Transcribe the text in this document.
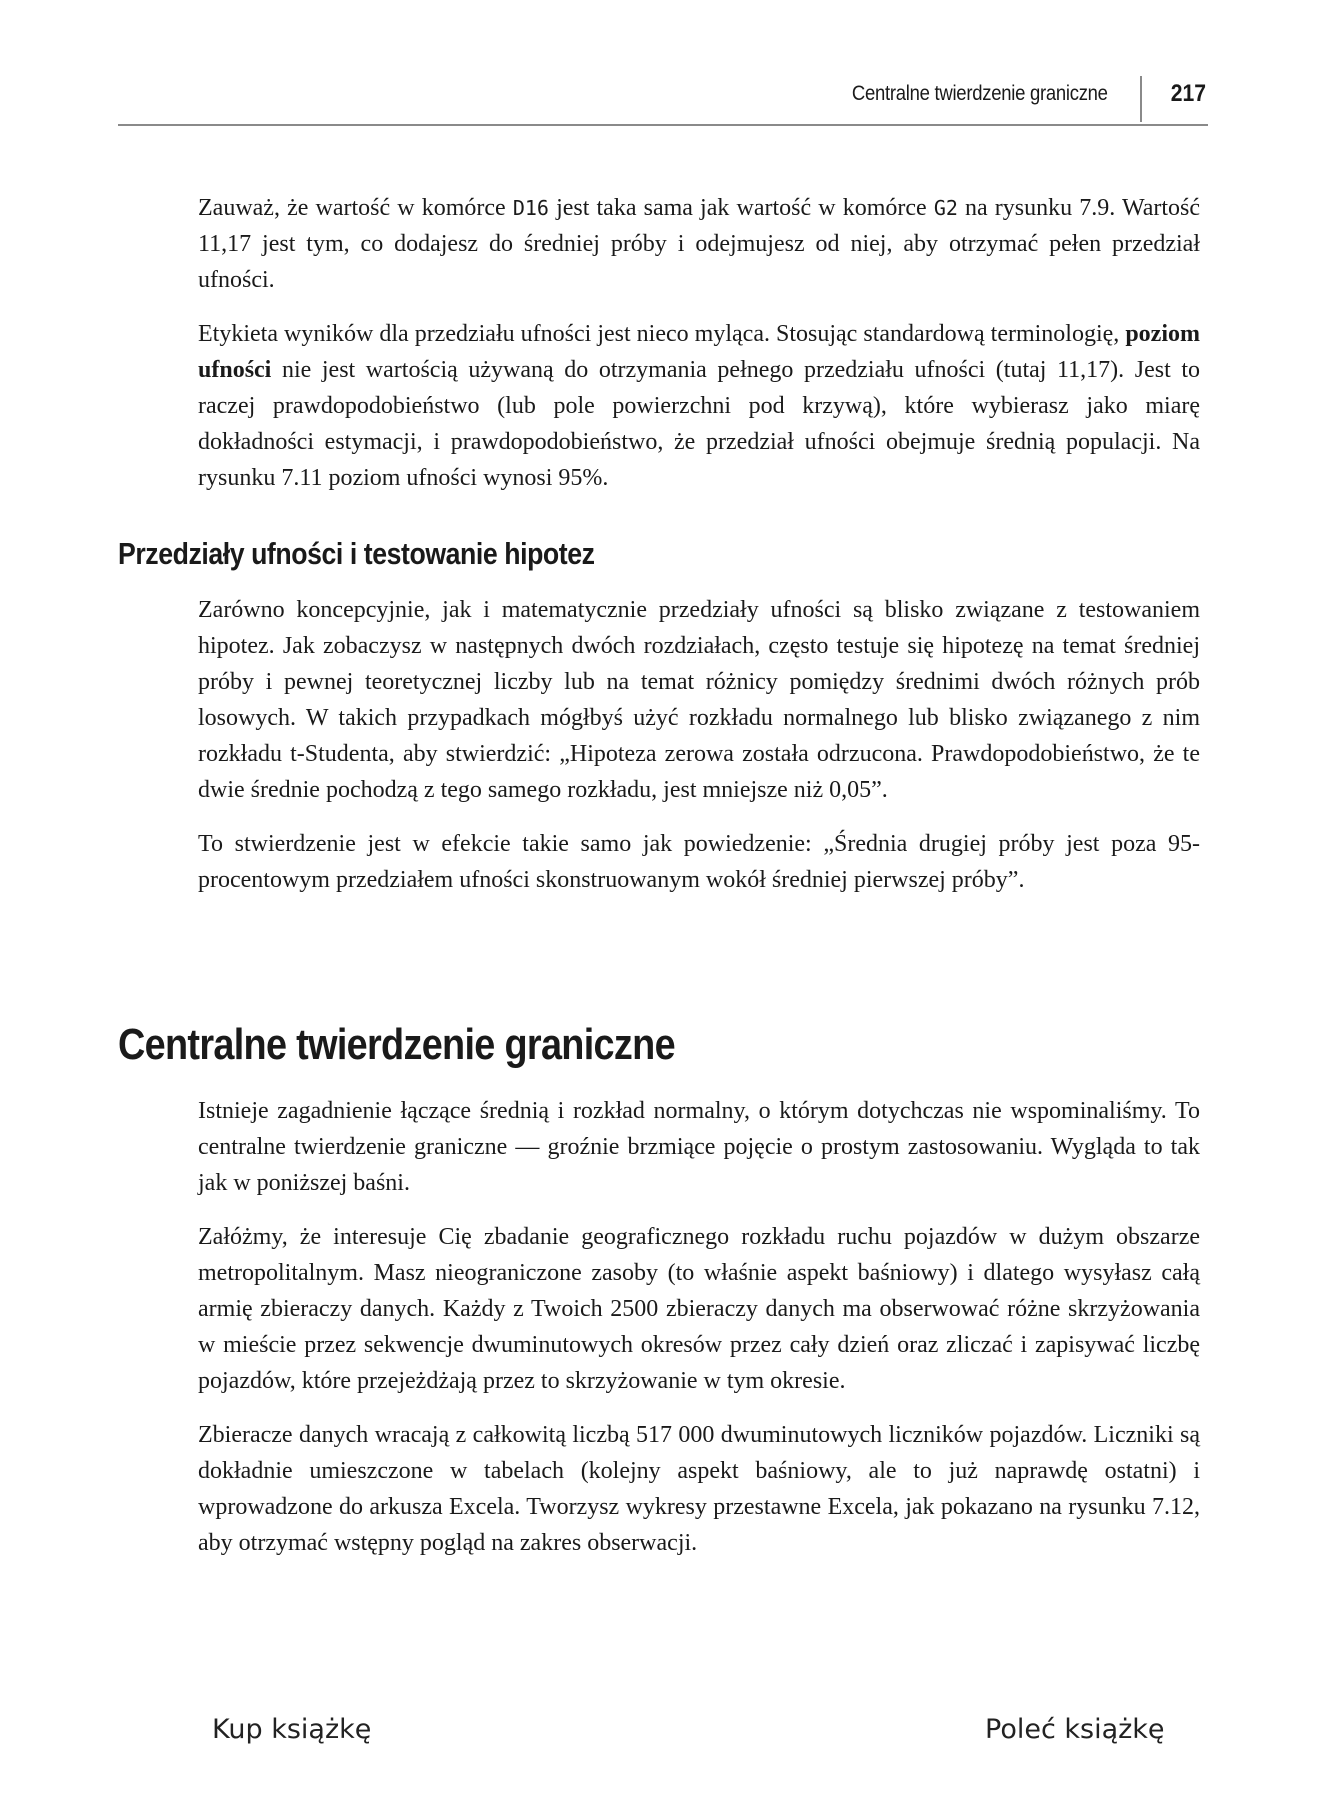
Centralne twierdzenie graniczne	217

Zauważ, że wartość w komórce D16 jest taka sama jak wartość w komórce G2 na rysunku 7.9. Wartość 11,17 jest tym, co dodajesz do średniej próby i odejmujesz od niej, aby otrzymać pełen przedział ufności.

Etykieta wyników dla przedziału ufności jest nieco myląca. Stosując standardową terminologię, poziom ufności nie jest wartością używaną do otrzymania pełnego przedziału ufności (tutaj 11,17). Jest to raczej prawdopodobieństwo (lub pole powierzchni pod krzywą), które wybierasz jako miarę dokładności estymacji, i prawdopodobieństwo, że przedział ufności obejmuje średnią populacji. Na rysunku 7.11 poziom ufności wynosi 95%.

Przedziały ufności i testowanie hipotez

Zarówno koncepcyjnie, jak i matematycznie przedziały ufności są blisko związane z testowaniem hipotez. Jak zobaczysz w następnych dwóch rozdziałach, często testuje się hipotezę na temat średniej próby i pewnej teoretycznej liczby lub na temat różnicy pomiędzy średnimi dwóch różnych prób losowych. W takich przypadkach mógłbyś użyć rozkładu normalnego lub blisko związanego z nim rozkładu t-Studenta, aby stwierdzić: „Hipoteza zerowa została odrzucona. Prawdopodobieństwo, że te dwie średnie pochodzą z tego samego rozkładu, jest mniejsze niż 0,05”.

To stwierdzenie jest w efekcie takie samo jak powiedzenie: „Średnia drugiej próby jest poza 95-procentowym przedziałem ufności skonstruowanym wokół średniej pierwszej próby”.

Centralne twierdzenie graniczne

Istnieje zagadnienie łączące średnią i rozkład normalny, o którym dotychczas nie wspominaliśmy. To centralne twierdzenie graniczne — groźnie brzmiące pojęcie o prostym zastosowaniu. Wygląda to tak jak w poniższej baśni.

Załóżmy, że interesuje Cię zbadanie geograficznego rozkładu ruchu pojazdów w dużym obszarze metropolitalnym. Masz nieograniczone zasoby (to właśnie aspekt baśniowy) i dlatego wysyłasz całą armię zbieraczy danych. Każdy z Twoich 2500 zbieraczy danych ma obserwować różne skrzyżowania w mieście przez sekwencje dwuminutowych okresów przez cały dzień oraz zliczać i zapisywać liczbę pojazdów, które przejeżdżają przez to skrzyżowanie w tym okresie.

Zbieracze danych wracają z całkowitą liczbą 517 000 dwuminutowych liczników pojazdów. Liczniki są dokładnie umieszczone w tabelach (kolejny aspekt baśniowy, ale to już naprawdę ostatni) i wprowadzone do arkusza Excela. Tworzysz wykresy przestawne Excela, jak pokazano na rysunku 7.12, aby otrzymać wstępny pogląd na zakres obserwacji.

Kup książkę	Poleć książkę
